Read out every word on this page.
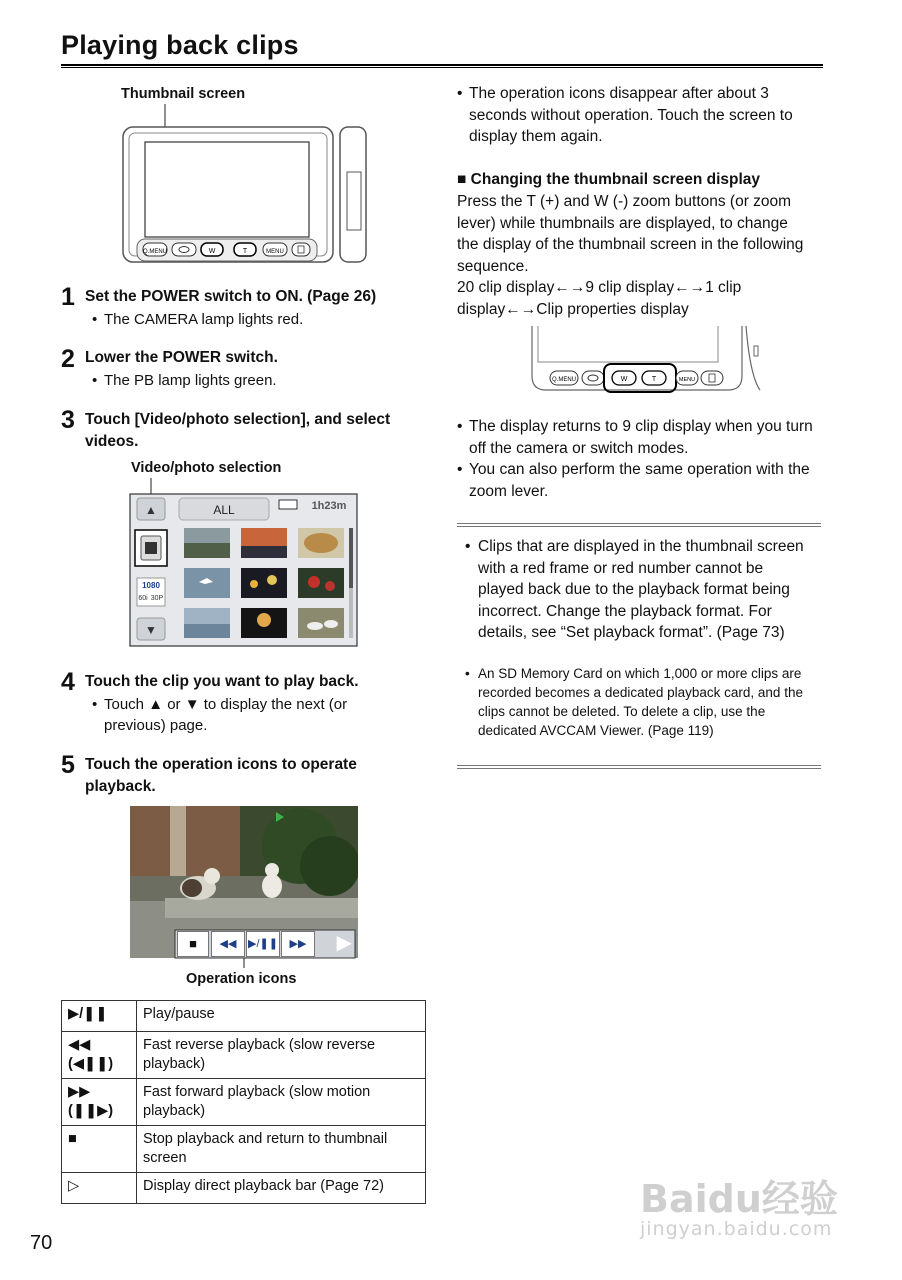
Playing back clips
Thumbnail screen
Q.MENU	W	T	MENU
1 Set the POWER switch to ON. (Page 26)
• The CAMERA lamp lights red.
2 Lower the POWER switch.
• The PB lamp lights green.
3 Touch [Video/photo selection], and select videos.
Video/photo selection
▲	ALL	1h23m
1080
60i 30P
▼
4 Touch the clip you want to play back.
• Touch ▲ or ▼ to display the next (or previous) page.
5 Touch the operation icons to operate playback.
■	◀◀	▶/❚❚	▶▶	▶
Operation icons
▶/❚❚	Play/pause
◀◀ (◀❚❚)	Fast reverse playback (slow reverse playback)
▶▶ (❚❚▶)	Fast forward playback (slow motion playback)
■	Stop playback and return to thumbnail screen
▷	Display direct playback bar (Page 72)
• The operation icons disappear after about 3 seconds without operation. Touch the screen to display them again.
■ Changing the thumbnail screen display
Press the T (+) and W (-) zoom buttons (or zoom
lever) while thumbnails are displayed, to change
the display of the thumbnail screen in the following
sequence.
20 clip display←→9 clip display←→1 clip
display←→Clip properties display
Q.MENU	W	T	MENU
• The display returns to 9 clip display when you turn off the camera or switch modes.
• You can also perform the same operation with the zoom lever.
• Clips that are displayed in the thumbnail screen with a red frame or red number cannot be played back due to the playback format being incorrect. Change the playback format. For details, see “Set playback format”. (Page 73)
• An SD Memory Card on which 1,000 or more clips are recorded becomes a dedicated playback card, and the clips cannot be deleted. To delete a clip, use the dedicated AVCCAM Viewer. (Page 119)
70
Baidu经验
jingyan.baidu.com
